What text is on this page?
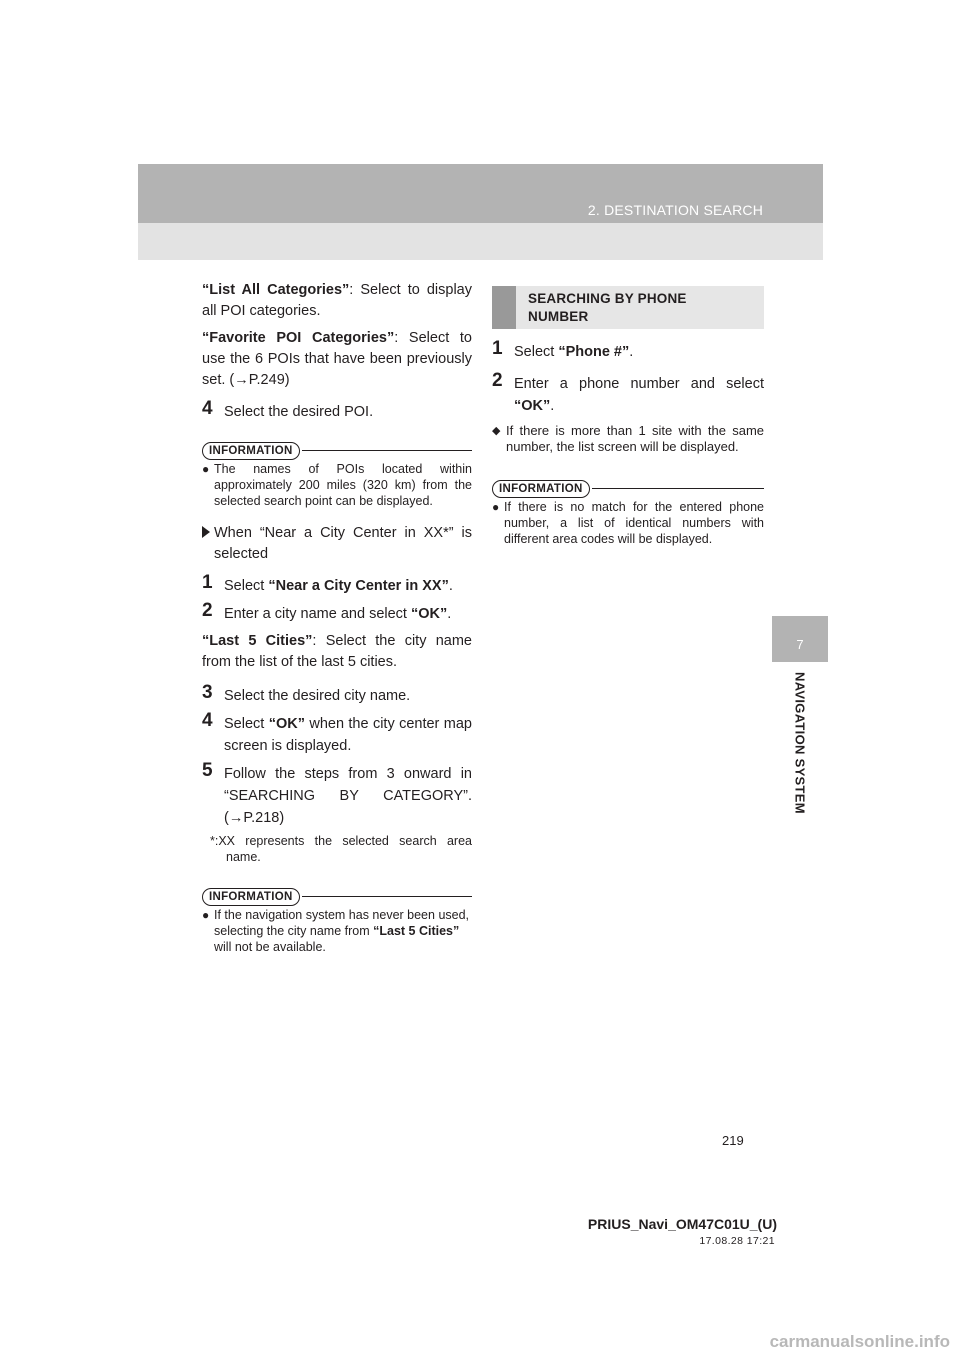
2. DESTINATION SEARCH
7
NAVIGATION SYSTEM

“List All Categories”: Select to display all POI categories.

“Favorite POI Categories”: Select to use the 6 POIs that have been previously set. (→P.249)

4 Select the desired POI.
INFORMATION
● The names of POIs located within approximately 200 miles (320 km) from the selected search point can be displayed.
When “Near a City Center in XX*” is selected
1 Select “Near a City Center in XX”.
2 Enter a city name and select “OK”.

“Last 5 Cities”: Select the city name from the list of the last 5 cities.

3 Select the desired city name.
4 Select “OK” when the city center map screen is displayed.
5 Follow the steps from 3 onward in “SEARCHING BY CATEGORY”. (→P.218)
*:XX represents the selected search area name.
INFORMATION
● If the navigation system has never been used, selecting the city name from “Last 5 Cities” will not be available.
SEARCHING BY PHONE
NUMBER
1 Select “Phone #”.
2 Enter a phone number and select “OK”.
◆ If there is more than 1 site with the same number, the list screen will be displayed.
INFORMATION
● If there is no match for the entered phone number, a list of identical numbers with different area codes will be displayed.
219
PRIUS_Navi_OM47C01U_(U)
17.08.28 17:21
carmanualsonline.info
